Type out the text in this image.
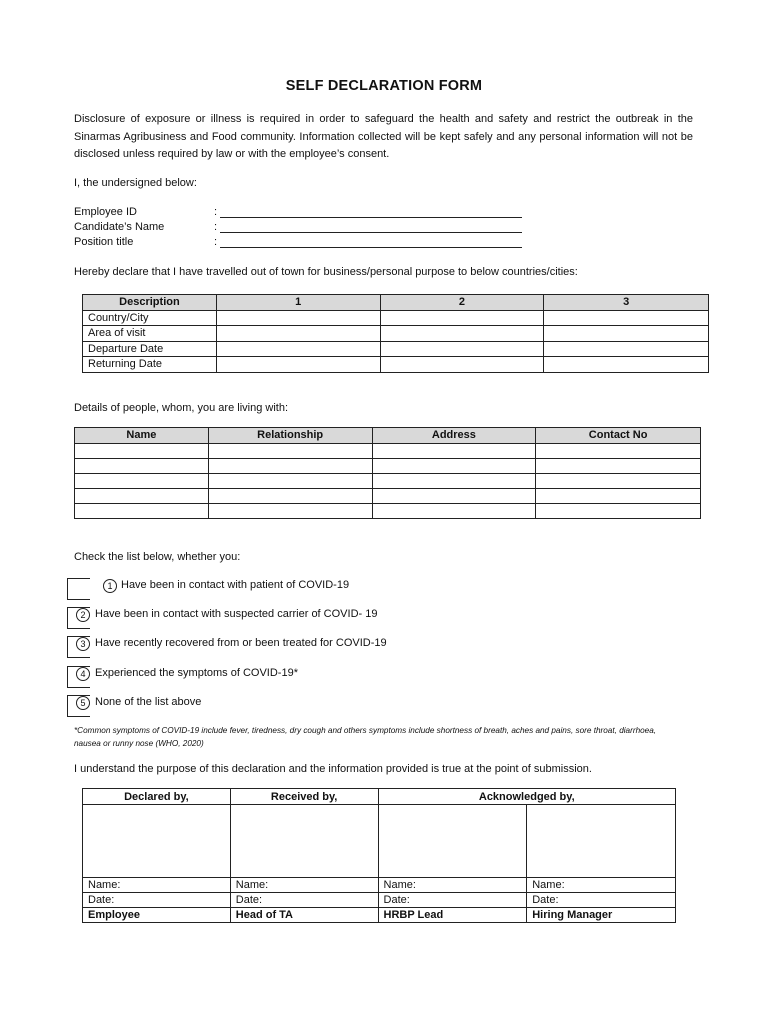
SELF DECLARATION FORM
Disclosure of exposure or illness is required in order to safeguard the health and safety and restrict the outbreak in the Sinarmas Agribusiness and Food community. Information collected will be kept safely and any personal information will not be disclosed unless required by law or with the employee’s consent.
I, the undersigned below:
Employee ID	:
Candidate’s Name	:
Position title	:
Hereby declare that I have travelled out of town for business/personal purpose to below countries/cities:
Description	1	2	3
Country/City			
Area of visit			
Departure Date			
Returning Date			
Details of people, whom, you are living with:
Name	Relationship	Address	Contact No

Check the list below, whether you:
1 Have been in contact with patient of COVID-19
2 Have been in contact with suspected carrier of COVID- 19
3 Have recently recovered from or been treated for COVID-19
4 Experienced the symptoms of COVID-19*
5 None of the list above
*Common symptoms of COVID-19 include fever, tiredness, dry cough and others symptoms include shortness of breath, aches and pains, sore throat, diarrhoea, nausea or runny nose (WHO, 2020)
I understand the purpose of this declaration and the information provided is true at the point of submission.
Declared by,	Received by,	Acknowledged by,	

Name:	Name:	Name:	Name:
Date:	Date:	Date:	Date:
Employee	Head of TA	HRBP Lead	Hiring Manager
